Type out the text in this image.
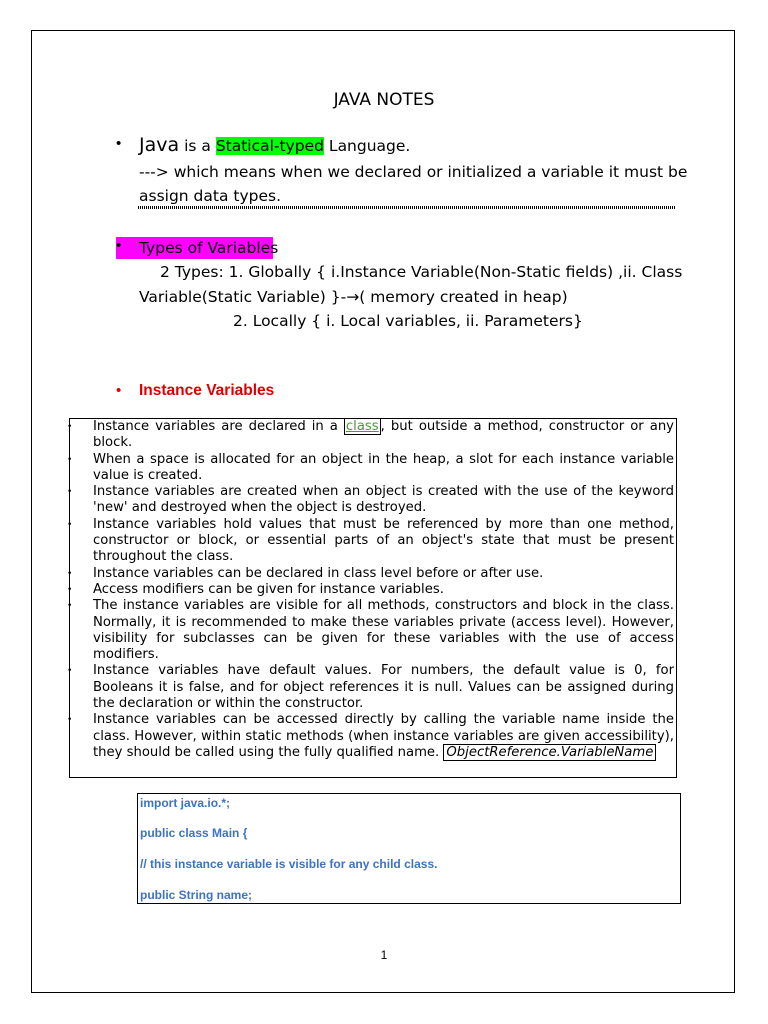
JAVA NOTES
• Java is a Statical-typed Language.
---> which means when we declared or initialized a variable it must be
assign data types.
• Types of Variables
2 Types: 1. Globally { i.Instance Variable(Non-Static fields) ,ii. Class
Variable(Static Variable) }-→( memory created in heap)
2. Locally { i. Local variables, ii. Parameters}
• Instance Variables
• Instance variables are declared in a class , but outside a method, constructor or any block.
• When a space is allocated for an object in the heap, a slot for each instance variable value is created.
• Instance variables are created when an object is created with the use of the keyword 'new' and destroyed when the object is destroyed.
• Instance variables hold values that must be referenced by more than one method, constructor or block, or essential parts of an object's state that must be present throughout the class.
• Instance variables can be declared in class level before or after use.
• Access modifiers can be given for instance variables.
• The instance variables are visible for all methods, constructors and block in the class. Normally, it is recommended to make these variables private (access level). However, visibility for subclasses can be given for these variables with the use of access modifiers.
• Instance variables have default values. For numbers, the default value is 0, for Booleans it is false, and for object references it is null. Values can be assigned during the declaration or within the constructor.
• Instance variables can be accessed directly by calling the variable name inside the class. However, within static methods (when instance variables are given accessibility), they should be called using the fully qualified name. ObjectReference.VariableName
import java.io.*;
public class Main {
// this instance variable is visible for any child class.
public String name;
1
